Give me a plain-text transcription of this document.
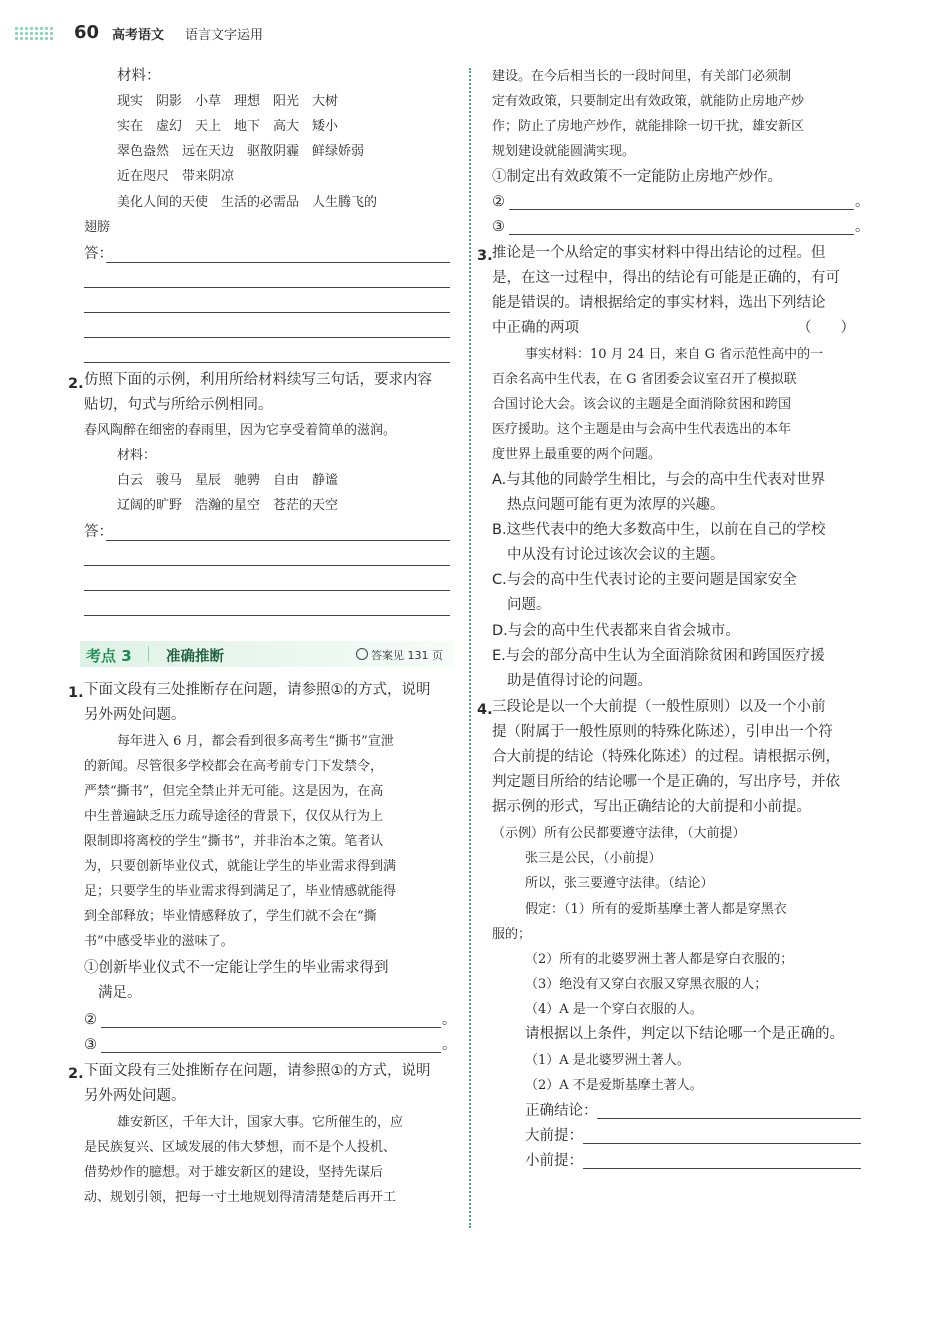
60 高考语文 语言文字运用
材料：
现实　阴影　小草　理想　阳光　大树
实在　虚幻　天上　地下　高大　矮小
翠色盎然　远在天边　驱散阴霾　鲜绿娇弱
近在咫尺　带来阴凉
美化人间的天使　生活的必需品　人生腾飞的
翅膀
答：
2. 仿照下面的示例，利用所给材料续写三句话，要求内容
贴切，句式与所给示例相同。
春风陶醉在细密的春雨里，因为它享受着简单的滋润。
材料：
白云　骏马　星辰　驰骋　自由　静谧
辽阔的旷野　浩瀚的星空　苍茫的天空
答：
考点 3 准确推断	答案见 131 页
1. 下面文段有三处推断存在问题，请参照①的方式，说明
另外两处问题。
每年进入 6 月，都会看到很多高考生“撕书”宣泄
的新闻。尽管很多学校都会在高考前专门下发禁令，
严禁“撕书”，但完全禁止并无可能。这是因为，在高
中生普遍缺乏压力疏导途径的背景下，仅仅从行为上
限制即将离校的学生“撕书”，并非治本之策。笔者认
为，只要创新毕业仪式，就能让学生的毕业需求得到满
足；只要学生的毕业需求得到满足了，毕业情感就能得
到全部释放；毕业情感释放了，学生们就不会在“撕
书”中感受毕业的滋味了。
①创新毕业仪式不一定能让学生的毕业需求得到
满足。
②	。
③	。
2. 下面文段有三处推断存在问题，请参照①的方式，说明
另外两处问题。
雄安新区，千年大计，国家大事。它所催生的，应
是民族复兴、区域发展的伟大梦想，而不是个人投机、
借势炒作的臆想。对于雄安新区的建设，坚持先谋后
动、规划引领，把每一寸土地规划得清清楚楚后再开工
建设。在今后相当长的一段时间里，有关部门必须制
定有效政策，只要制定出有效政策，就能防止房地产炒
作；防止了房地产炒作，就能排除一切干扰，雄安新区
规划建设就能圆满实现。
①制定出有效政策不一定能防止房地产炒作。
②	。
③	。
3. 推论是一个从给定的事实材料中得出结论的过程。但
是，在这一过程中，得出的结论有可能是正确的，有可
能是错误的。请根据给定的事实材料，选出下列结论
中正确的两项	（　　）
事实材料：10 月 24 日，来自 G 省示范性高中的一
百余名高中生代表，在 G 省团委会议室召开了模拟联
合国讨论大会。该会议的主题是全面消除贫困和跨国
医疗援助。这个主题是由与会高中生代表选出的本年
度世界上最重要的两个问题。
A.与其他的同龄学生相比，与会的高中生代表对世界
热点问题可能有更为浓厚的兴趣。
B.这些代表中的绝大多数高中生，以前在自己的学校
中从没有讨论过该次会议的主题。
C.与会的高中生代表讨论的主要问题是国家安全
问题。
D.与会的高中生代表都来自省会城市。
E.与会的部分高中生认为全面消除贫困和跨国医疗援
助是值得讨论的问题。
4. 三段论是以一个大前提（一般性原则）以及一个小前
提（附属于一般性原则的特殊化陈述），引申出一个符
合大前提的结论（特殊化陈述）的过程。请根据示例，
判定题目所给的结论哪一个是正确的，写出序号，并依
据示例的形式，写出正确结论的大前提和小前提。
（示例）所有公民都要遵守法律，（大前提）
张三是公民，（小前提）
所以，张三要遵守法律。（结论）
假定：（1）所有的爱斯基摩土著人都是穿黑衣
服的；
（2）所有的北婆罗洲土著人都是穿白衣服的；
（3）绝没有又穿白衣服又穿黑衣服的人；
（4）A 是一个穿白衣服的人。
请根据以上条件，判定以下结论哪一个是正确的。
（1）A 是北婆罗洲土著人。
（2）A 不是爱斯基摩土著人。
正确结论：
大前提：
小前提：
